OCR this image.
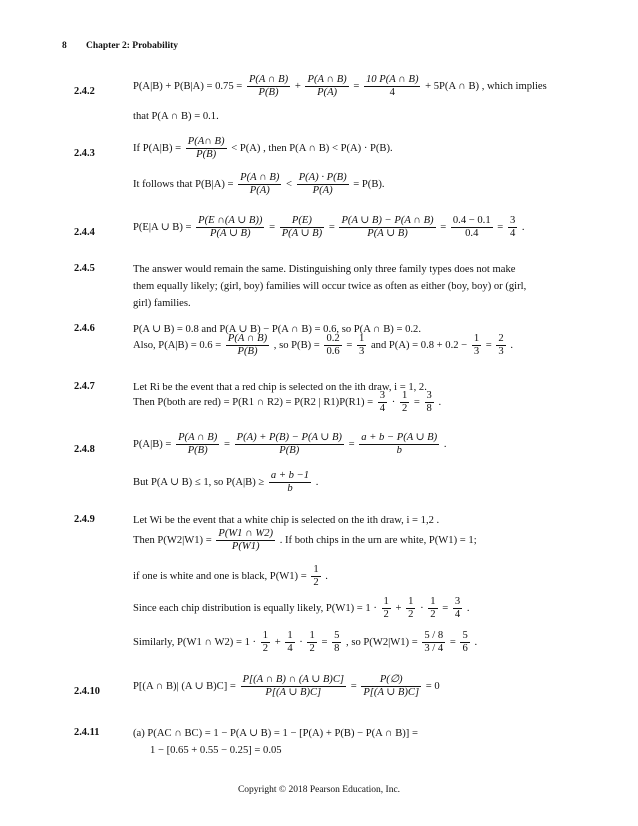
8 Chapter 2: Probability
2.4.2	$P(A|B) + P(B|A) = 0.75 = \frac{P(A \cap B)}{P(B)} + \frac{P(A \cap B)}{P(A)} = \frac{10 P(A \cap B)}{4} + 5P(A$ ∩ B) , which implies
that P(A ∩ B) = 0.1.
2.4.3	If $P(A|B) = \frac{P(A\cap B)}{P(B)} < P(A)$ , then P(A ∩ B) < P(A) · P(B).
It follows that $P(B|A) = \frac{P(A \cap B)}{P(A)} < \frac{P(A) \cdot P(B)}{P(A)} = P(B)$.
2.4.4	P(E|A ∪ $B) = \frac{P(E \cap(A \cup B))}{P(A \cup B)} = \frac{P(E)}{P(A \cup B)} = \frac{P(A \cup B) - P(A \cap B)}{P(A \cup B)} = \frac{0.4 - 0.1}{0.4} = \frac{3}{4}$ .
2.4.5	The answer would remain the same. Distinguishing only three family types does not make
them equally likely; (girl, boy) families will occur twice as often as either (boy, boy) or (girl,
girl) families.
2.4.6	P(A ∪ B) = 0.8 and P(A ∪ B) − P(A ∩ B) = 0.6, so P(A ∩ B) = 0.2.
Also, $P(A|B) = 0.6 = \frac{P(A \cap B)}{P(B)}$ , so $P(B) = \frac{0.2}{0.6} = \frac{1}{3}$ and $P(A) = 0.8 + 0.2 - \frac{1}{3} = \frac{2}{3}$ .
2.4.7	Let Ri be the event that a red chip is selected on the ith draw, i = 1, 2.
Then P(both are red) = P(R1 ∩ R2) = P(R2 | $R1)P(R1) = \frac{3}{4} \cdot \frac{1}{2} = \frac{3}{8}$ .
2.4.8	$P(A|B) = \frac{P(A \cap B)}{P(B)} = \frac{P(A) + P(B) - P(A \cup B)}{P(B)} = \frac{a + b - P(A \cup B)}{b}$ .
But P(A ∪ B) ≤ 1, so $P(A|B) \ge \frac{a + b -1}{b}$ .
2.4.9	Let Wi be the event that a white chip is selected on the ith draw, i = 1,2 .
Then $P(W2|W1) = \frac{P(W1 \cap W2)}{P(W1)}$ . If both chips in the urn are white, P(W1) = 1;
if one is white and one is black, $P(W1) = \frac{1}{2}$ .
Since each chip distribution is equally likely, $P(W1) = 1 \cdot \frac{1}{2} + \frac{1}{2} \cdot \frac{1}{2} = \frac{3}{4}$ .
Similarly, P(W1 ∩ $W2) = 1 \cdot \frac{1}{2} + \frac{1}{4} \cdot \frac{1}{2} = \frac{5}{8}$ , so $P(W2|W1) = \frac{5 / 8}{3 / 4} = \frac{5}{6}$ .
2.4.10	P[(A ∩ B)| (A ∪ $B)C] = \frac{P[(A \cap B) \cap (A \cup B)C]}{P[(A \cup B)C]} = \frac{P(\emptyset)}{P[(A \cup B)C]} = 0$
2.4.11	(a) P(AC ∩ BC) = 1 − P(A ∪ B) = 1 − [P(A) + P(B) − P(A ∩ B)] =
1 − [0.65 + 0.55 − 0.25] = 0.05
Copyright © 2018 Pearson Education, Inc.
